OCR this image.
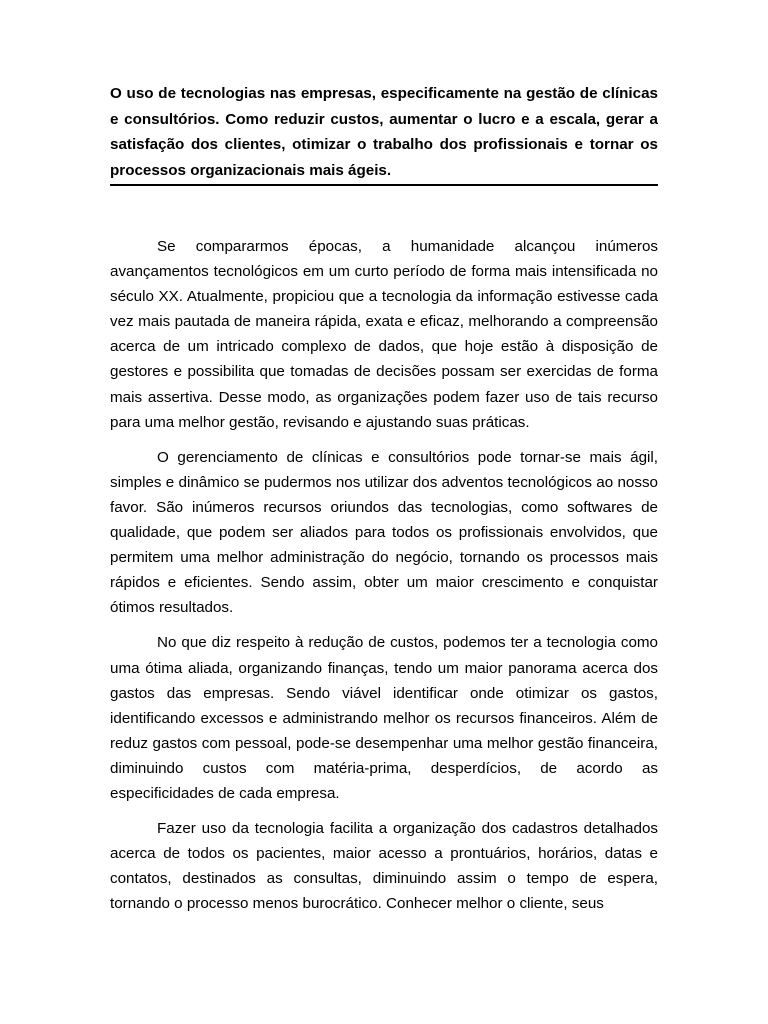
O uso de tecnologias nas empresas, especificamente na gestão de clínicas e consultórios. Como reduzir custos, aumentar o lucro e a escala, gerar a satisfação dos clientes, otimizar o trabalho dos profissionais e tornar os processos organizacionais mais ágeis.

Se compararmos épocas, a humanidade alcançou inúmeros avançamentos tecnológicos em um curto período de forma mais intensificada no século XX. Atualmente, propiciou que a tecnologia da informação estivesse cada vez mais pautada de maneira rápida, exata e eficaz, melhorando a compreensão acerca de um intricado complexo de dados, que hoje estão à disposição de gestores e possibilita que tomadas de decisões possam ser exercidas de forma mais assertiva. Desse modo, as organizações podem fazer uso de tais recurso para uma melhor gestão, revisando e ajustando suas práticas.

O gerenciamento de clínicas e consultórios pode tornar-se mais ágil, simples e dinâmico se pudermos nos utilizar dos adventos tecnológicos ao nosso favor. São inúmeros recursos oriundos das tecnologias, como softwares de qualidade, que podem ser aliados para todos os profissionais envolvidos, que permitem uma melhor administração do negócio, tornando os processos mais rápidos e eficientes. Sendo assim, obter um maior crescimento e conquistar ótimos resultados.

No que diz respeito à redução de custos, podemos ter a tecnologia como uma ótima aliada, organizando finanças, tendo um maior panorama acerca dos gastos das empresas. Sendo viável identificar onde otimizar os gastos, identificando excessos e administrando melhor os recursos financeiros. Além de reduz gastos com pessoal, pode-se desempenhar uma melhor gestão financeira, diminuindo custos com matéria-prima, desperdícios, de acordo as especificidades de cada empresa.

Fazer uso da tecnologia facilita a organização dos cadastros detalhados acerca de todos os pacientes, maior acesso a prontuários, horários, datas e contatos, destinados as consultas, diminuindo assim o tempo de espera, tornando o processo menos burocrático. Conhecer melhor o cliente, seus
